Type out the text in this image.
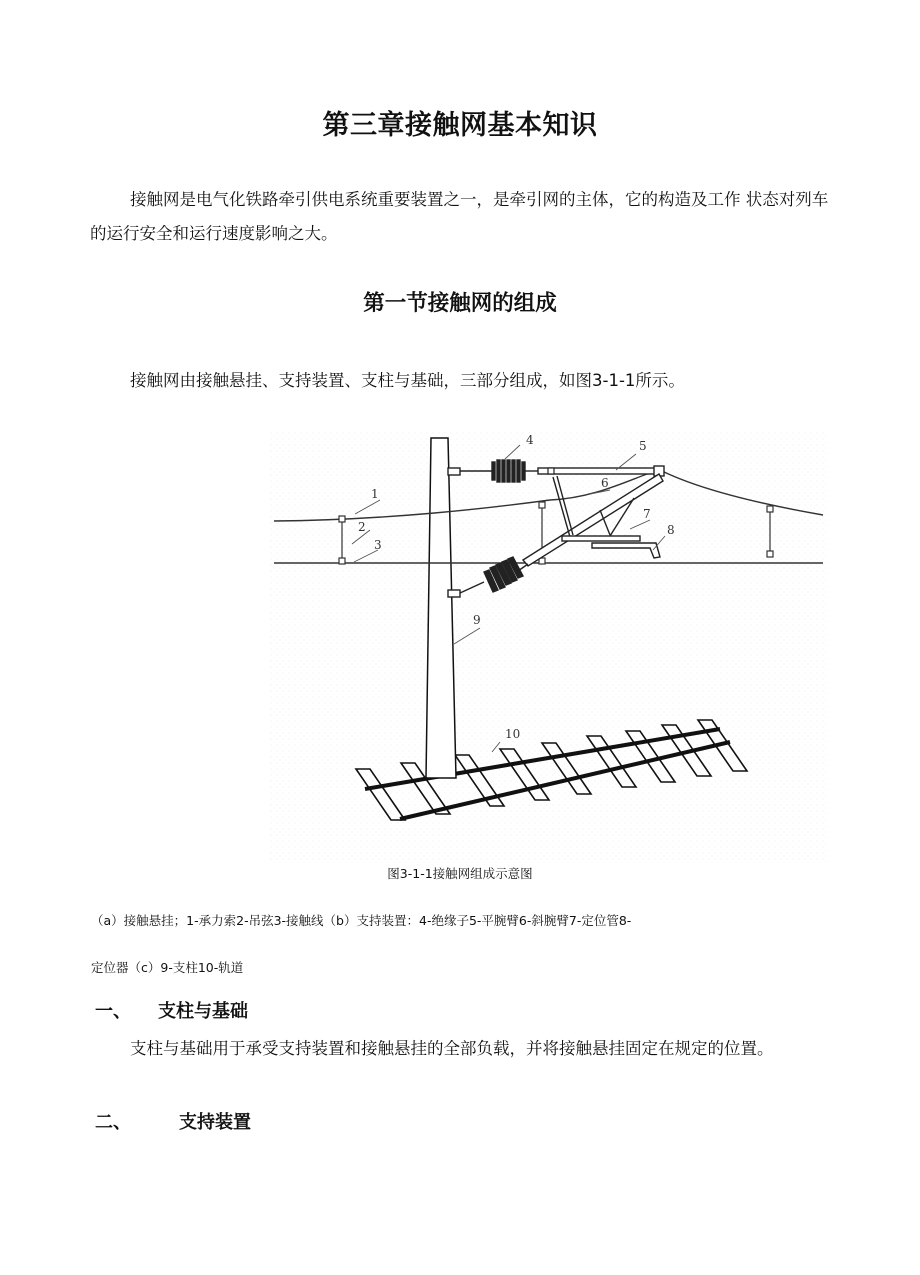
第三章接触网基本知识

接触网是电气化铁路牵引供电系统重要装置之一，是牵引网的主体，它的构造及工作 状态对列车的运行安全和运行速度影响之大。

第一节接触网的组成

接触网由接触悬挂、支持装置、支柱与基础，三部分组成，如图3-1-1所示。

1
2
3
4	5
6
7
8
9
10
图3-1-1接触网组成示意图
（a）接触悬挂；1-承力索2-吊弦3-接触线（b）支持装置：4-绝缘子5-平腕臂6-斜腕臂7-定位管8-
定位器（c）9-支柱10-轨道
一、 支柱与基础

支柱与基础用于承受支持装置和接触悬挂的全部负载，并将接触悬挂固定在规定的位置。

二、	支持装置
